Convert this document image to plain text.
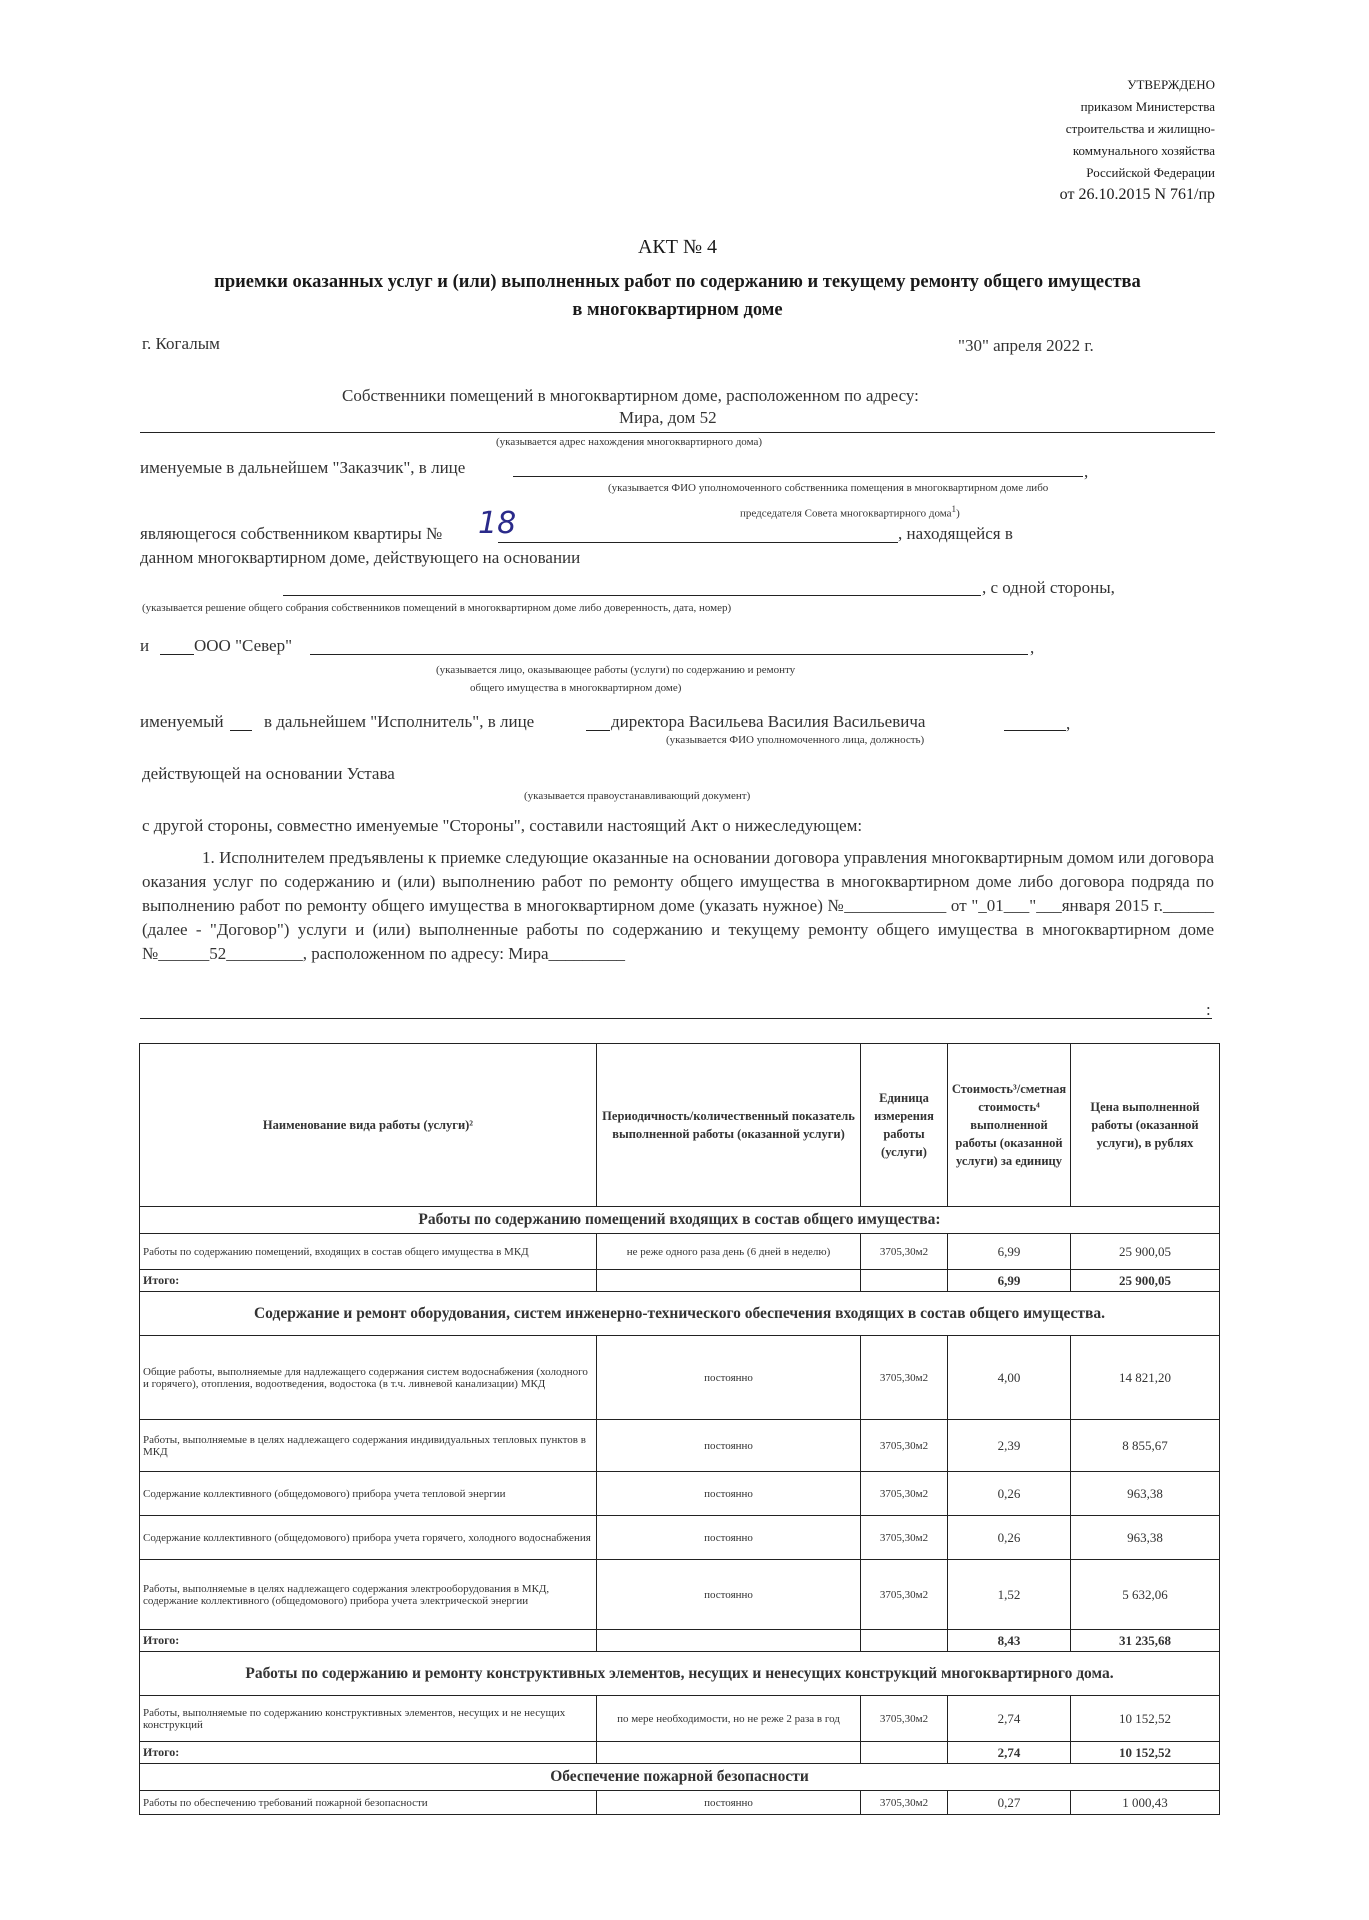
УТВЕРЖДЕНО
приказом Министерства
строительства и жилищно-
коммунального хозяйства
Российской Федерации
от 26.10.2015 N 761/пр
АКТ № 4
приемки оказанных услуг и (или) выполненных работ по содержанию и текущему ремонту общего имущества
в многоквартирном доме
г. Когалым	"30" апреля 2022 г.
Собственники помещений в многоквартирном доме, расположенном по адресу:
Мира, дом 52
(указывается адрес нахождения многоквартирного дома)
именуемые в дальнейшем "Заказчик", в лице	,
(указывается ФИО уполномоченного собственника помещения в многоквартирном доме либо
председателя Совета многоквартирного дома$^1$)
являющегося собственником квартиры № 18	, находящейся в
данном многоквартирном доме, действующего на основании
, с одной стороны,
(указывается решение общего собрания собственников помещений в многоквартирном доме либо доверенность, дата, номер)
и	ООО "Север"	,
(указывается лицо, оказывающее работы (услуги) по содержанию и ремонту
общего имущества в многоквартирном доме)
именуемый в дальнейшем "Исполнитель", в лице	директора Васильева Василия Васильевича	,
(указывается ФИО уполномоченного лица, должность)
действующей на основании Устава
(указывается правоустанавливающий документ)
с другой стороны, совместно именуемые "Стороны", составили настоящий Акт о нижеследующем:
1. Исполнителем предъявлены к приемке следующие оказанные на основании договора управления многоквартирным домом или договора оказания услуг по содержанию и (или) выполнению работ по ремонту общего имущества в многоквартирном доме либо договора подряда по выполнению работ по ремонту общего имущества в многоквартирном доме (указать нужное) №____________ от "_01___"___января 2015 г.______ (далее - "Договор") услуги и (или) выполненные работы по содержанию и текущему ремонту общего имущества в многоквартирном доме №______52_________, расположенном по адресу: Мира_________
:
Наименование вида работы (услуги)²	Периодичность/количественный показатель выполненной работы (оказанной услуги)	Единица измерения работы (услуги)	Стоимость³/сметная стоимость⁴ выполненной работы (оказанной услуги) за единицу	Цена выполненной работы (оказанной услуги), в рублях
Работы по содержанию помещений входящих в состав общего имущества:				
Работы по содержанию помещений, входящих в состав общего имущества в МКД	не реже одного раза день (6 дней в неделю)	3705,30м2	6,99	25 900,05
Итого:			6,99	25 900,05
Содержание и ремонт оборудования, систем инженерно-технического обеспечения входящих в состав общего имущества.				
Общие работы, выполняемые для надлежащего содержания систем водоснабжения (холодного и горячего), отопления, водоотведения, водостока (в т.ч. ливневой канализации) МКД	постоянно	3705,30м2	4,00	14 821,20
Работы, выполняемые в целях надлежащего содержания индивидуальных тепловых пунктов в МКД	постоянно	3705,30м2	2,39	8 855,67
Содержание коллективного (общедомового) прибора учета тепловой энергии	постоянно	3705,30м2	0,26	963,38
Содержание коллективного (общедомового) прибора учета горячего, холодного водоснабжения	постоянно	3705,30м2	0,26	963,38
Работы, выполняемые в целях надлежащего содержания электрооборудования в МКД, содержание коллективного (общедомового) прибора учета электрической энергии	постоянно	3705,30м2	1,52	5 632,06
Итого:			8,43	31 235,68
Работы по содержанию и ремонту конструктивных элементов, несущих и ненесущих конструкций многоквартирного дома.				
Работы, выполняемые по содержанию конструктивных элементов, несущих и не несущих конструкций	по мере необходимости, но не реже 2 раза в год	3705,30м2	2,74	10 152,52
Итого:			2,74	10 152,52
Обеспечение пожарной безопасности				
Работы по обеспечению требований пожарной безопасности	постоянно	3705,30м2	0,27	1 000,43
